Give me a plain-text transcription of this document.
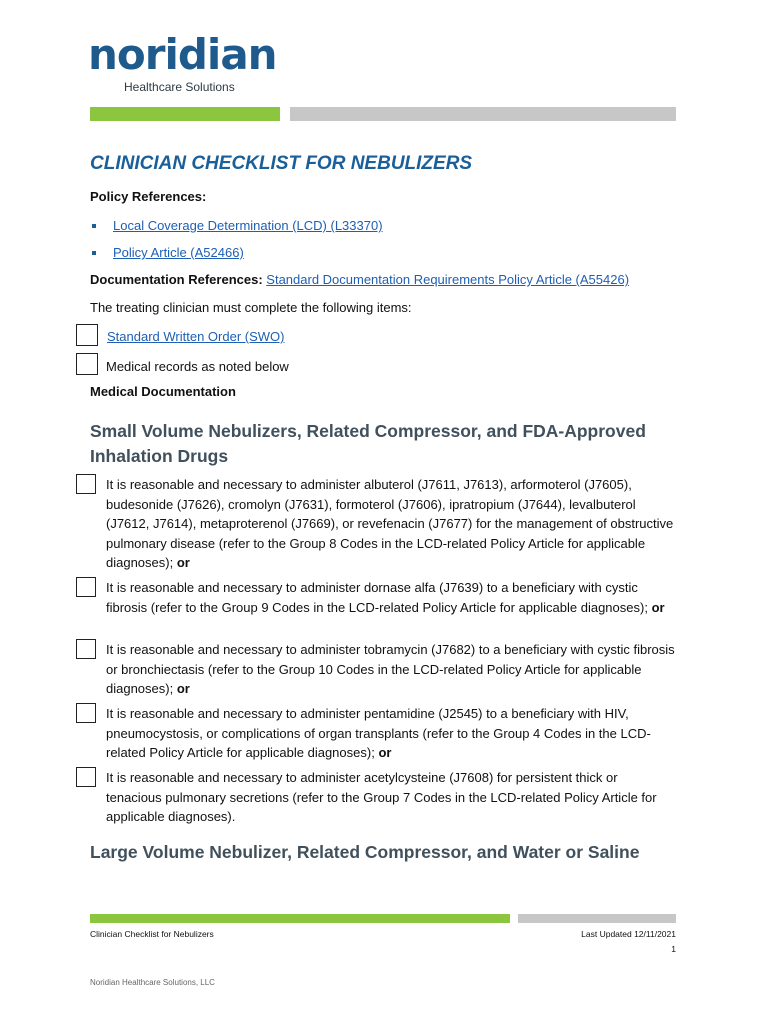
noridian
Healthcare Solutions
CLINICIAN CHECKLIST FOR NEBULIZERS
Policy References:
Local Coverage Determination (LCD) (L33370)
Policy Article (A52466)
Documentation References: Standard Documentation Requirements Policy Article (A55426)
The treating clinician must complete the following items:
Standard Written Order (SWO)
Medical records as noted below
Medical Documentation
Small Volume Nebulizers, Related Compressor, and FDA-Approved Inhalation Drugs
It is reasonable and necessary to administer albuterol (J7611, J7613), arformoterol (J7605), budesonide (J7626), cromolyn (J7631), formoterol (J7606), ipratropium (J7644), levalbuterol (J7612, J7614), metaproterenol (J7669), or revefenacin (J7677) for the management of obstructive pulmonary disease (refer to the Group 8 Codes in the LCD-related Policy Article for applicable diagnoses); or
It is reasonable and necessary to administer dornase alfa (J7639) to a beneficiary with cystic fibrosis (refer to the Group 9 Codes in the LCD-related Policy Article for applicable diagnoses); or
It is reasonable and necessary to administer tobramycin (J7682) to a beneficiary with cystic fibrosis or bronchiectasis (refer to the Group 10 Codes in the LCD-related Policy Article for applicable diagnoses); or
It is reasonable and necessary to administer pentamidine (J2545) to a beneficiary with HIV, pneumocystosis, or complications of organ transplants (refer to the Group 4 Codes in the LCD-related Policy Article for applicable diagnoses); or
It is reasonable and necessary to administer acetylcysteine (J7608) for persistent thick or tenacious pulmonary secretions (refer to the Group 7 Codes in the LCD-related Policy Article for applicable diagnoses).
Large Volume Nebulizer, Related Compressor, and Water or Saline
Clinician Checklist for Nebulizers	Last Updated 12/11/2021
1
Noridian Healthcare Solutions, LLC
